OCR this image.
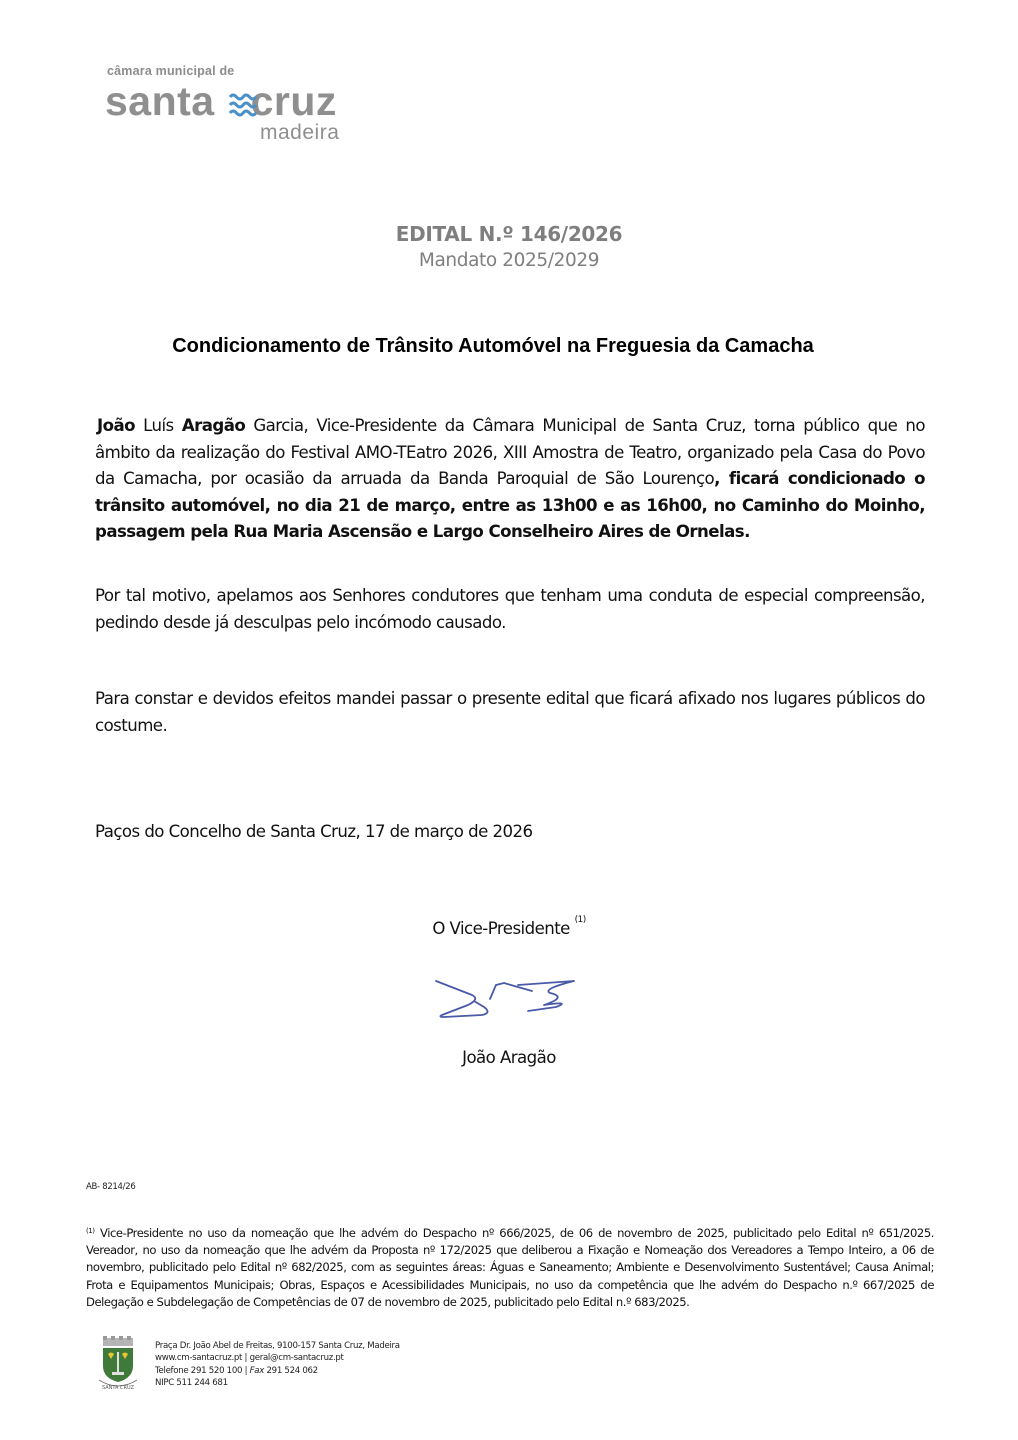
câmara municipal de
santa cruz
madeira
EDITAL N.º 146/2026
Mandato 2025/2029
Condicionamento de Trânsito Automóvel na Freguesia da Camacha
João Luís Aragão Garcia, Vice-Presidente da Câmara Municipal de Santa Cruz, torna público que no âmbito da realização do Festival AMO-TEatro 2026, XIII Amostra de Teatro, organizado pela Casa do Povo da Camacha, por ocasião da arruada da Banda Paroquial de São Lourenço, ficará condicionado o trânsito automóvel, no dia 21 de março, entre as 13h00 e as 16h00, no Caminho do Moinho, passagem pela Rua Maria Ascensão e Largo Conselheiro Aires de Ornelas.
Por tal motivo, apelamos aos Senhores condutores que tenham uma conduta de especial compreensão, pedindo desde já desculpas pelo incómodo causado.
Para constar e devidos efeitos mandei passar o presente edital que ficará afixado nos lugares públicos do costume.
Paços do Concelho de Santa Cruz, 17 de março de 2026
O Vice-Presidente $^{(1)}$
João Aragão
AB- 8214/26
$^{(1)}$ Vice-Presidente no uso da nomeação que lhe advém do Despacho nº 666/2025, de 06 de novembro de 2025, publicitado pelo Edital nº 651/2025. Vereador, no uso da nomeação que lhe advém da Proposta nº 172/2025 que deliberou a Fixação e Nomeação dos Vereadores a Tempo Inteiro, a 06 de novembro, publicitado pelo Edital nº 682/2025, com as seguintes áreas: Águas e Saneamento; Ambiente e Desenvolvimento Sustentável; Causa Animal; Frota e Equipamentos Municipais; Obras, Espaços e Acessibilidades Municipais, no uso da competência que lhe advém do Despacho n.º 667/2025 de Delegação e Subdelegação de Competências de 07 de novembro de 2025, publicitado pelo Edital n.º 683/2025.
SANTA CRUZ
Praça Dr. João Abel de Freitas, 9100-157 Santa Cruz, Madeira
www.cm-santacruz.pt | geral@cm-santacruz.pt
Telefone 291 520 100 | Fax 291 524 062
NIPC 511 244 681
